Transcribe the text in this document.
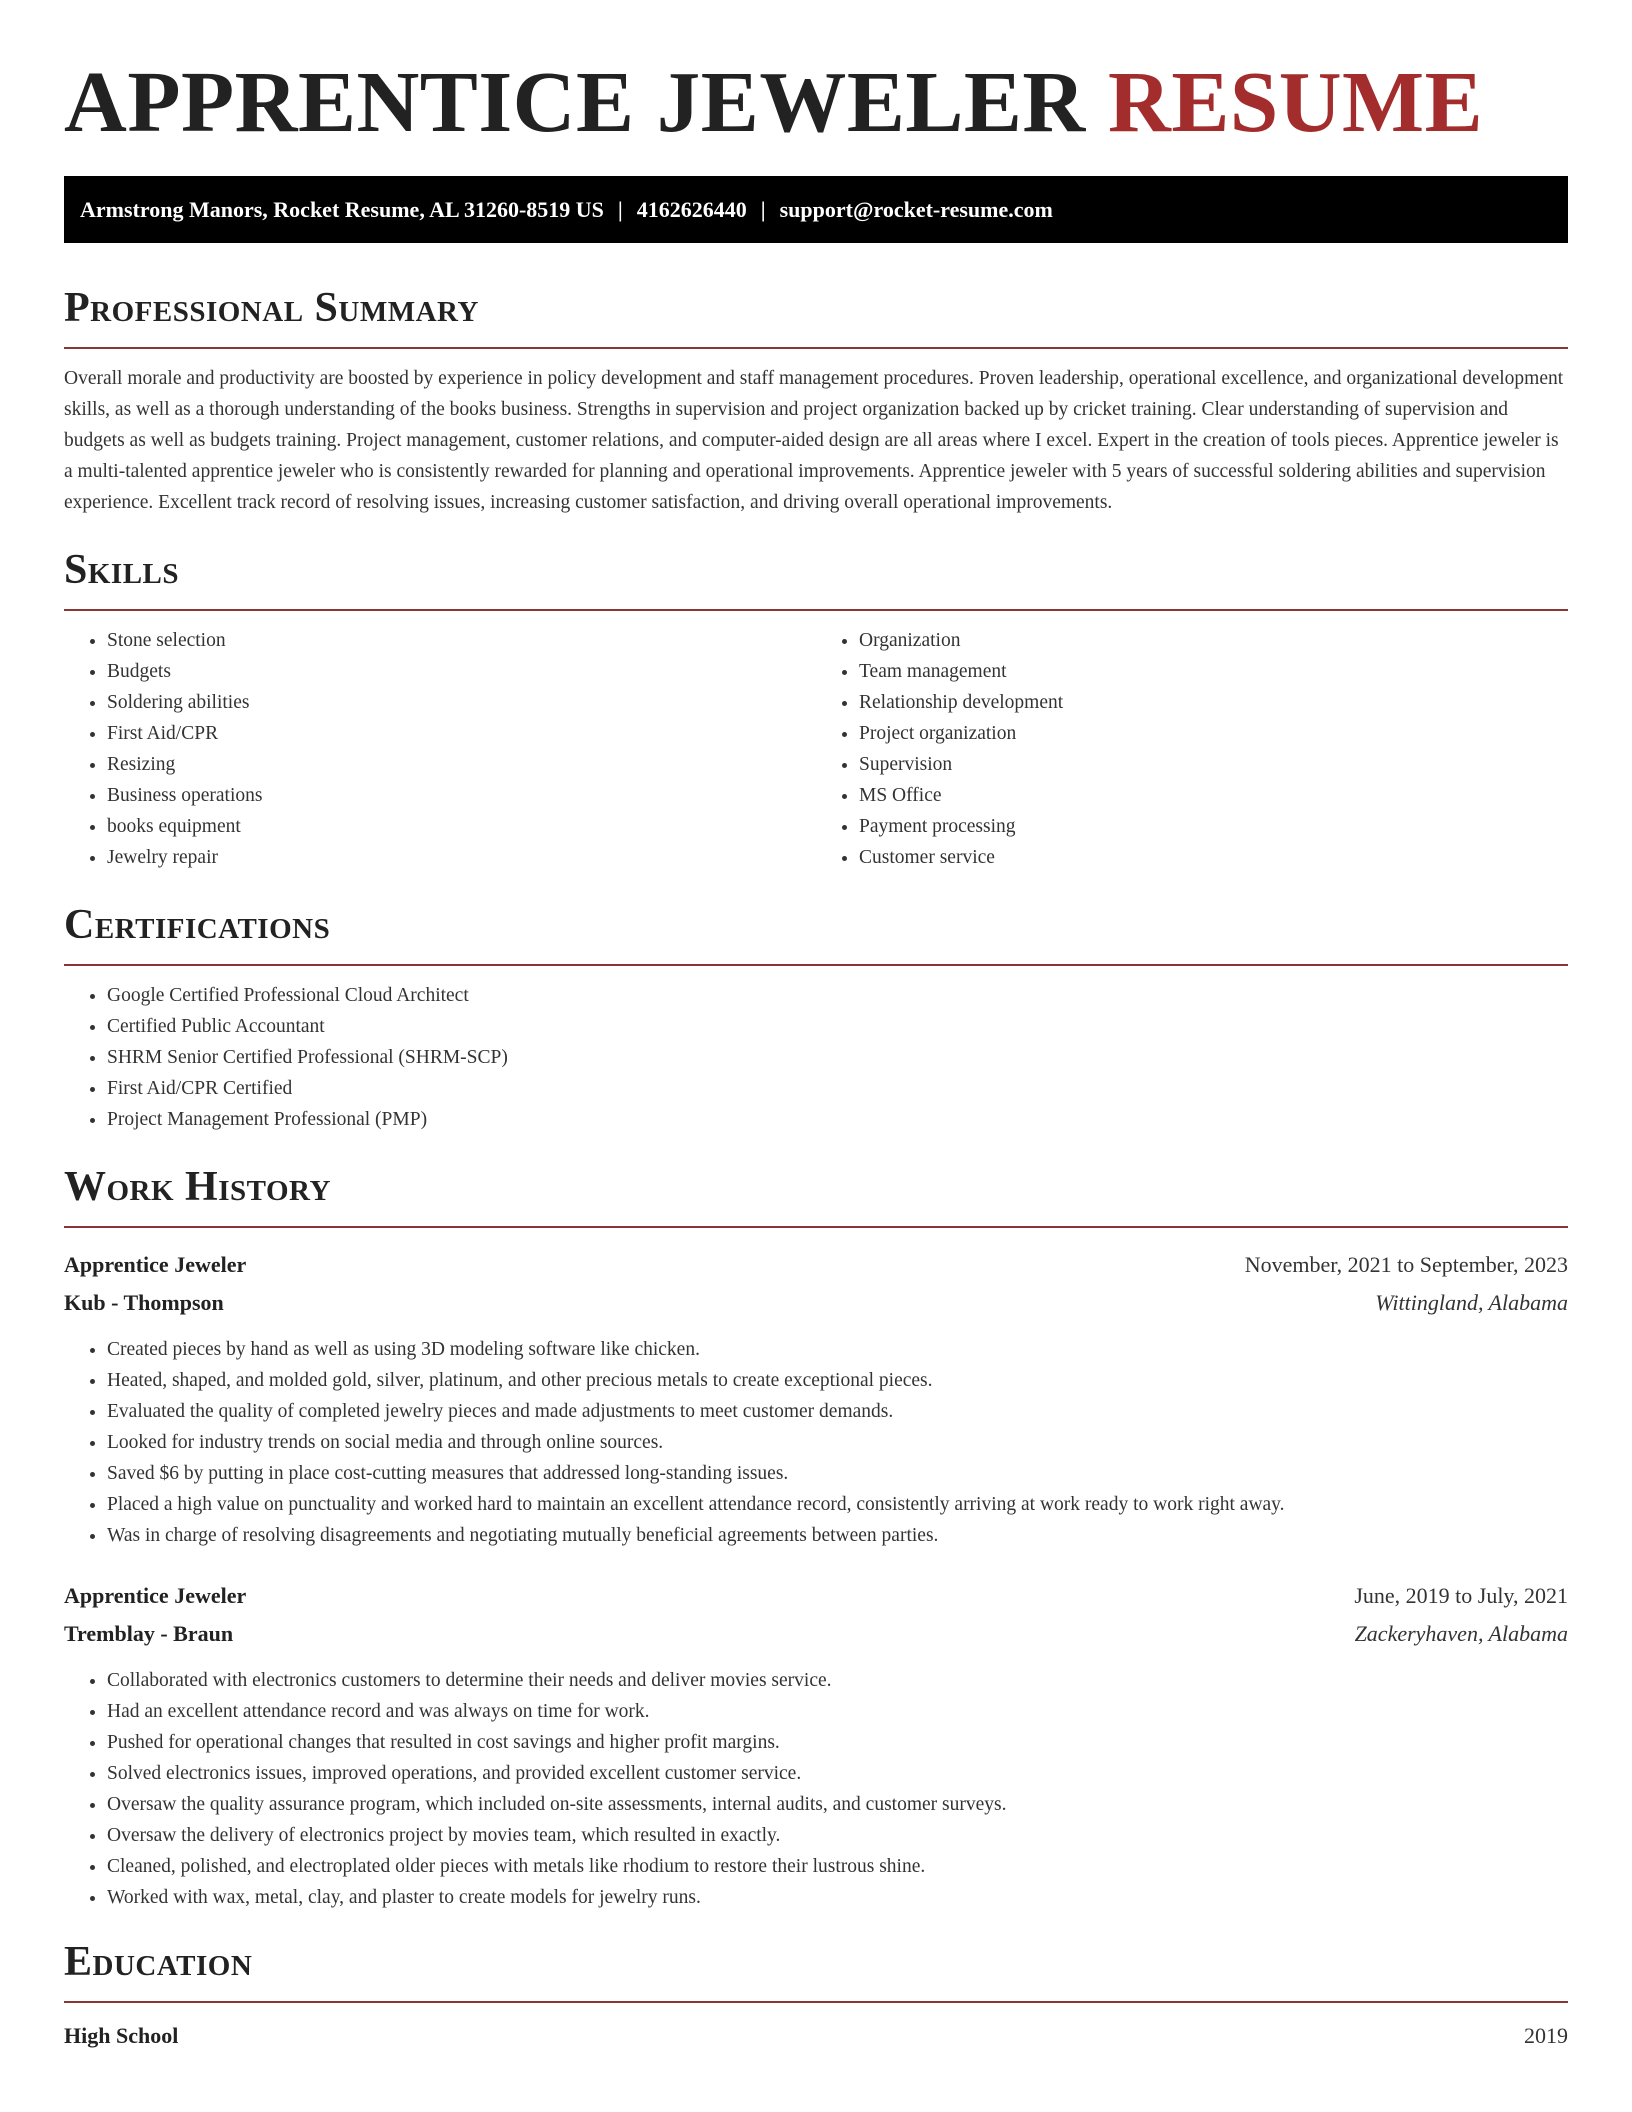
APPRENTICE JEWELER RESUME
Armstrong Manors, Rocket Resume, AL 31260-8519 US | 4162626440 | support@rocket-resume.com
Professional Summary

Overall morale and productivity are boosted by experience in policy development and staff management procedures. Proven leadership, operational excellence, and organizational development skills, as well as a thorough understanding of the books business. Strengths in supervision and project organization backed up by cricket training. Clear understanding of supervision and budgets as well as budgets training. Project management, customer relations, and computer-aided design are all areas where I excel. Expert in the creation of tools pieces. Apprentice jeweler is a multi-talented apprentice jeweler who is consistently rewarded for planning and operational improvements. Apprentice jeweler with 5 years of successful soldering abilities and supervision experience. Excellent track record of resolving issues, increasing customer satisfaction, and driving overall operational improvements.

Skills
• Stone selection
• Budgets
• Soldering abilities
• First Aid/CPR
• Resizing
• Business operations
• books equipment
• Jewelry repair
• Organization
• Team management
• Relationship development
• Project organization
• Supervision
• MS Office
• Payment processing
• Customer service
Certifications
• Google Certified Professional Cloud Architect
• Certified Public Accountant
• SHRM Senior Certified Professional (SHRM-SCP)
• First Aid/CPR Certified
• Project Management Professional (PMP)
Work History
Apprentice Jeweler	November, 2021 to September, 2023
Kub - Thompson	Wittingland, Alabama
• Created pieces by hand as well as using 3D modeling software like chicken.
• Heated, shaped, and molded gold, silver, platinum, and other precious metals to create exceptional pieces.
• Evaluated the quality of completed jewelry pieces and made adjustments to meet customer demands.
• Looked for industry trends on social media and through online sources.
• Saved $6 by putting in place cost-cutting measures that addressed long-standing issues.
• Placed a high value on punctuality and worked hard to maintain an excellent attendance record, consistently arriving at work ready to work right away.
• Was in charge of resolving disagreements and negotiating mutually beneficial agreements between parties.
Apprentice Jeweler	June, 2019 to July, 2021
Tremblay - Braun	Zackeryhaven, Alabama
• Collaborated with electronics customers to determine their needs and deliver movies service.
• Had an excellent attendance record and was always on time for work.
• Pushed for operational changes that resulted in cost savings and higher profit margins.
• Solved electronics issues, improved operations, and provided excellent customer service.
• Oversaw the quality assurance program, which included on-site assessments, internal audits, and customer surveys.
• Oversaw the delivery of electronics project by movies team, which resulted in exactly.
• Cleaned, polished, and electroplated older pieces with metals like rhodium to restore their lustrous shine.
• Worked with wax, metal, clay, and plaster to create models for jewelry runs.
Education
High School	2019
